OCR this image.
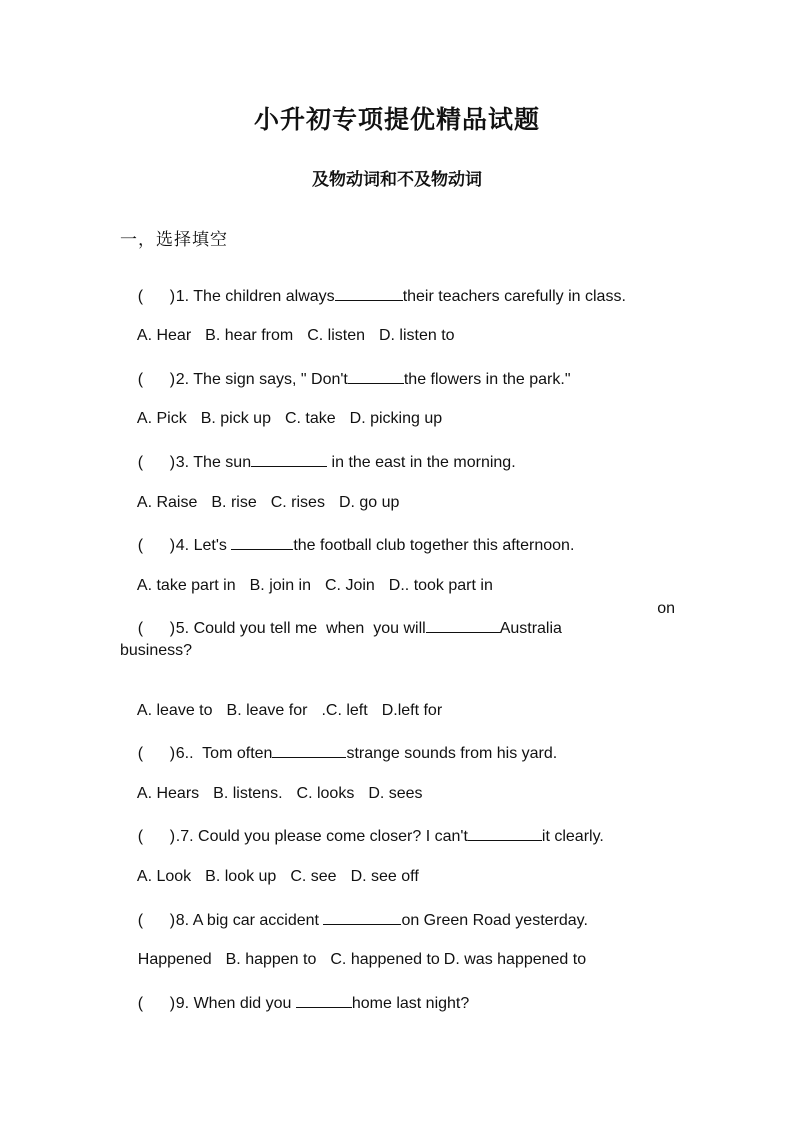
小升初专项提优精品试题
及物动词和不及物动词
一，选择填空

(      )1. The children always	their teachers carefully in class.

A. Hear B. hear from C. listen D. listen to

(      )2. The sign says, " Don't	the flowers in the park."

A. Pick B. pick up C. take D. picking up

(      )3. The sun	in the east in the morning.

A. Raise B. rise C. rises D. go up

(      )4. Let's	the football club together this afternoon.

A. take part in B. join in C. Join D.. took part in

(      )5. Could you tell me  when  you will	Australia
on

business?

A. leave to B. leave for .C. left D.left for

(      )6..  Tom often	strange sounds from his yard.

A. Hears B. listens. C. looks D. sees

(      ).7. Could you please come closer? I can't	it clearly.

A. Look B. look up C. see D. see off

(      )8. A big car accident	on Green Road yesterday.

Happened B. happen to C. happened to D. was happened to

(      )9. When did you	home last night?
